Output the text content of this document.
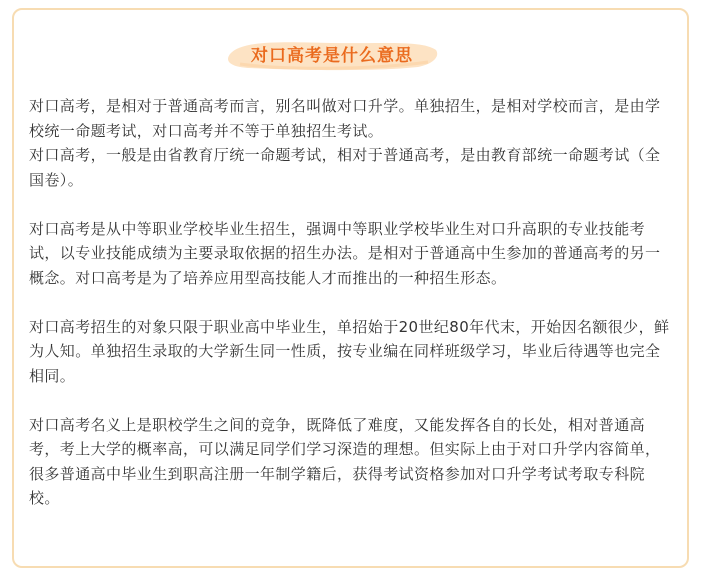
对口高考是什么意思

对口高考，是相对于普通高考而言，别名叫做对口升学。单独招生，是相对学校而言，是由学校统一命题考试，对口高考并不等于单独招生考试。

对口高考，一般是由省教育厅统一命题考试，相对于普通高考，是由教育部统一命题考试（全国卷）。

对口高考是从中等职业学校毕业生招生，强调中等职业学校毕业生对口升高职的专业技能考试，以专业技能成绩为主要录取依据的招生办法。是相对于普通高中生参加的普通高考的另一概念。对口高考是为了培养应用型高技能人才而推出的一种招生形态。

对口高考招生的对象只限于职业高中毕业生，单招始于20世纪80年代末，开始因名额很少，鲜为人知。单独招生录取的大学新生同一性质，按专业编在同样班级学习，毕业后待遇等也完全相同。

对口高考名义上是职校学生之间的竞争，既降低了难度，又能发挥各自的长处，相对普通高考，考上大学的概率高，可以满足同学们学习深造的理想。但实际上由于对口升学内容简单，很多普通高中毕业生到职高注册一年制学籍后，获得考试资格参加对口升学考试考取专科院校。
